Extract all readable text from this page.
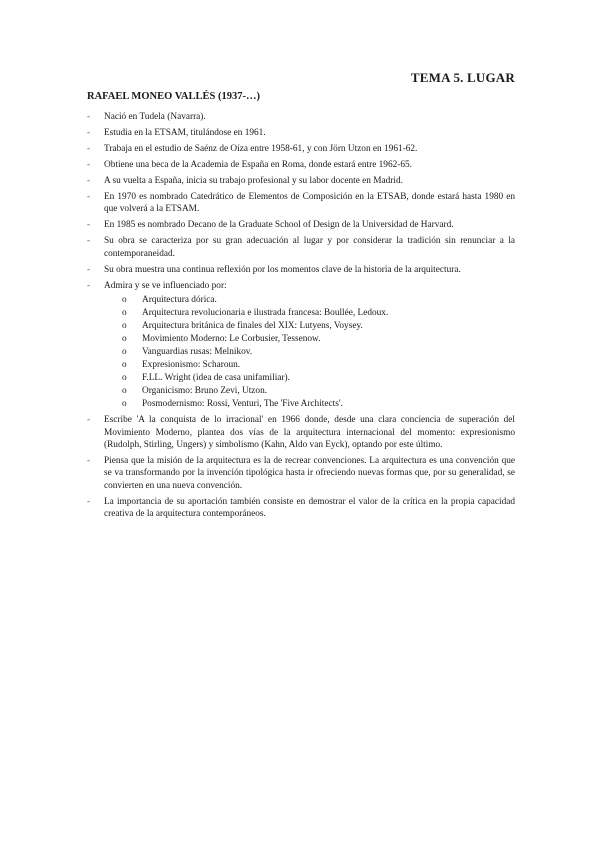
TEMA 5. LUGAR
RAFAEL MONEO VALLÉS (1937-…)
- Nació en Tudela (Navarra).
- Estudia en la ETSAM, titulándose en 1961.
- Trabaja en el estudio de Saénz de Oíza entre 1958-61, y con Jörn Utzon en 1961-62.
- Obtiene una beca de la Academia de España en Roma, donde estará entre 1962-65.
- A su vuelta a España, inicia su trabajo profesional y su labor docente en Madrid.
- En 1970 es nombrado Catedrático de Elementos de Composición en la ETSAB, donde estará hasta 1980 en que volverá a la ETSAM.
- En 1985 es nombrado Decano de la Graduate School of Design de la Universidad de Harvard.
- Su obra se caracteriza por su gran adecuación al lugar y por considerar la tradición sin renunciar a la contemporaneidad.
- Su obra muestra una continua reflexión por los momentos clave de la historia de la arquitectura.
- Admira y se ve influenciado por:
o Arquitectura dórica.
o Arquitectura revolucionaria e ilustrada francesa: Boullée, Ledoux.
o Arquitectura británica de finales del XIX: Lutyens, Voysey.
o Movimiento Moderno: Le Corbusier, Tessenow.
o Vanguardias rusas: Melnikov.
o Expresionismo: Scharoun.
o F.LL. Wright (idea de casa unifamiliar).
o Organicismo: Bruno Zevi, Utzon.
o Posmodernismo: Rossi, Venturi, The 'Five Architects'.
- Escribe 'A la conquista de lo irracional' en 1966 donde, desde una clara conciencia de superación del Movimiento Moderno, plantea dos vías de la arquitectura internacional del momento: expresionismo (Rudolph, Stirling, Ungers) y simbolismo (Kahn, Aldo van Eyck), optando por este último.
- Piensa que la misión de la arquitectura es la de recrear convenciones. La arquitectura es una convención que se va transformando por la invención tipológica hasta ir ofreciendo nuevas formas que, por su generalidad, se convierten en una nueva convención.
- La importancia de su aportación también consiste en demostrar el valor de la crítica en la propia capacidad creativa de la arquitectura contemporáneos.
